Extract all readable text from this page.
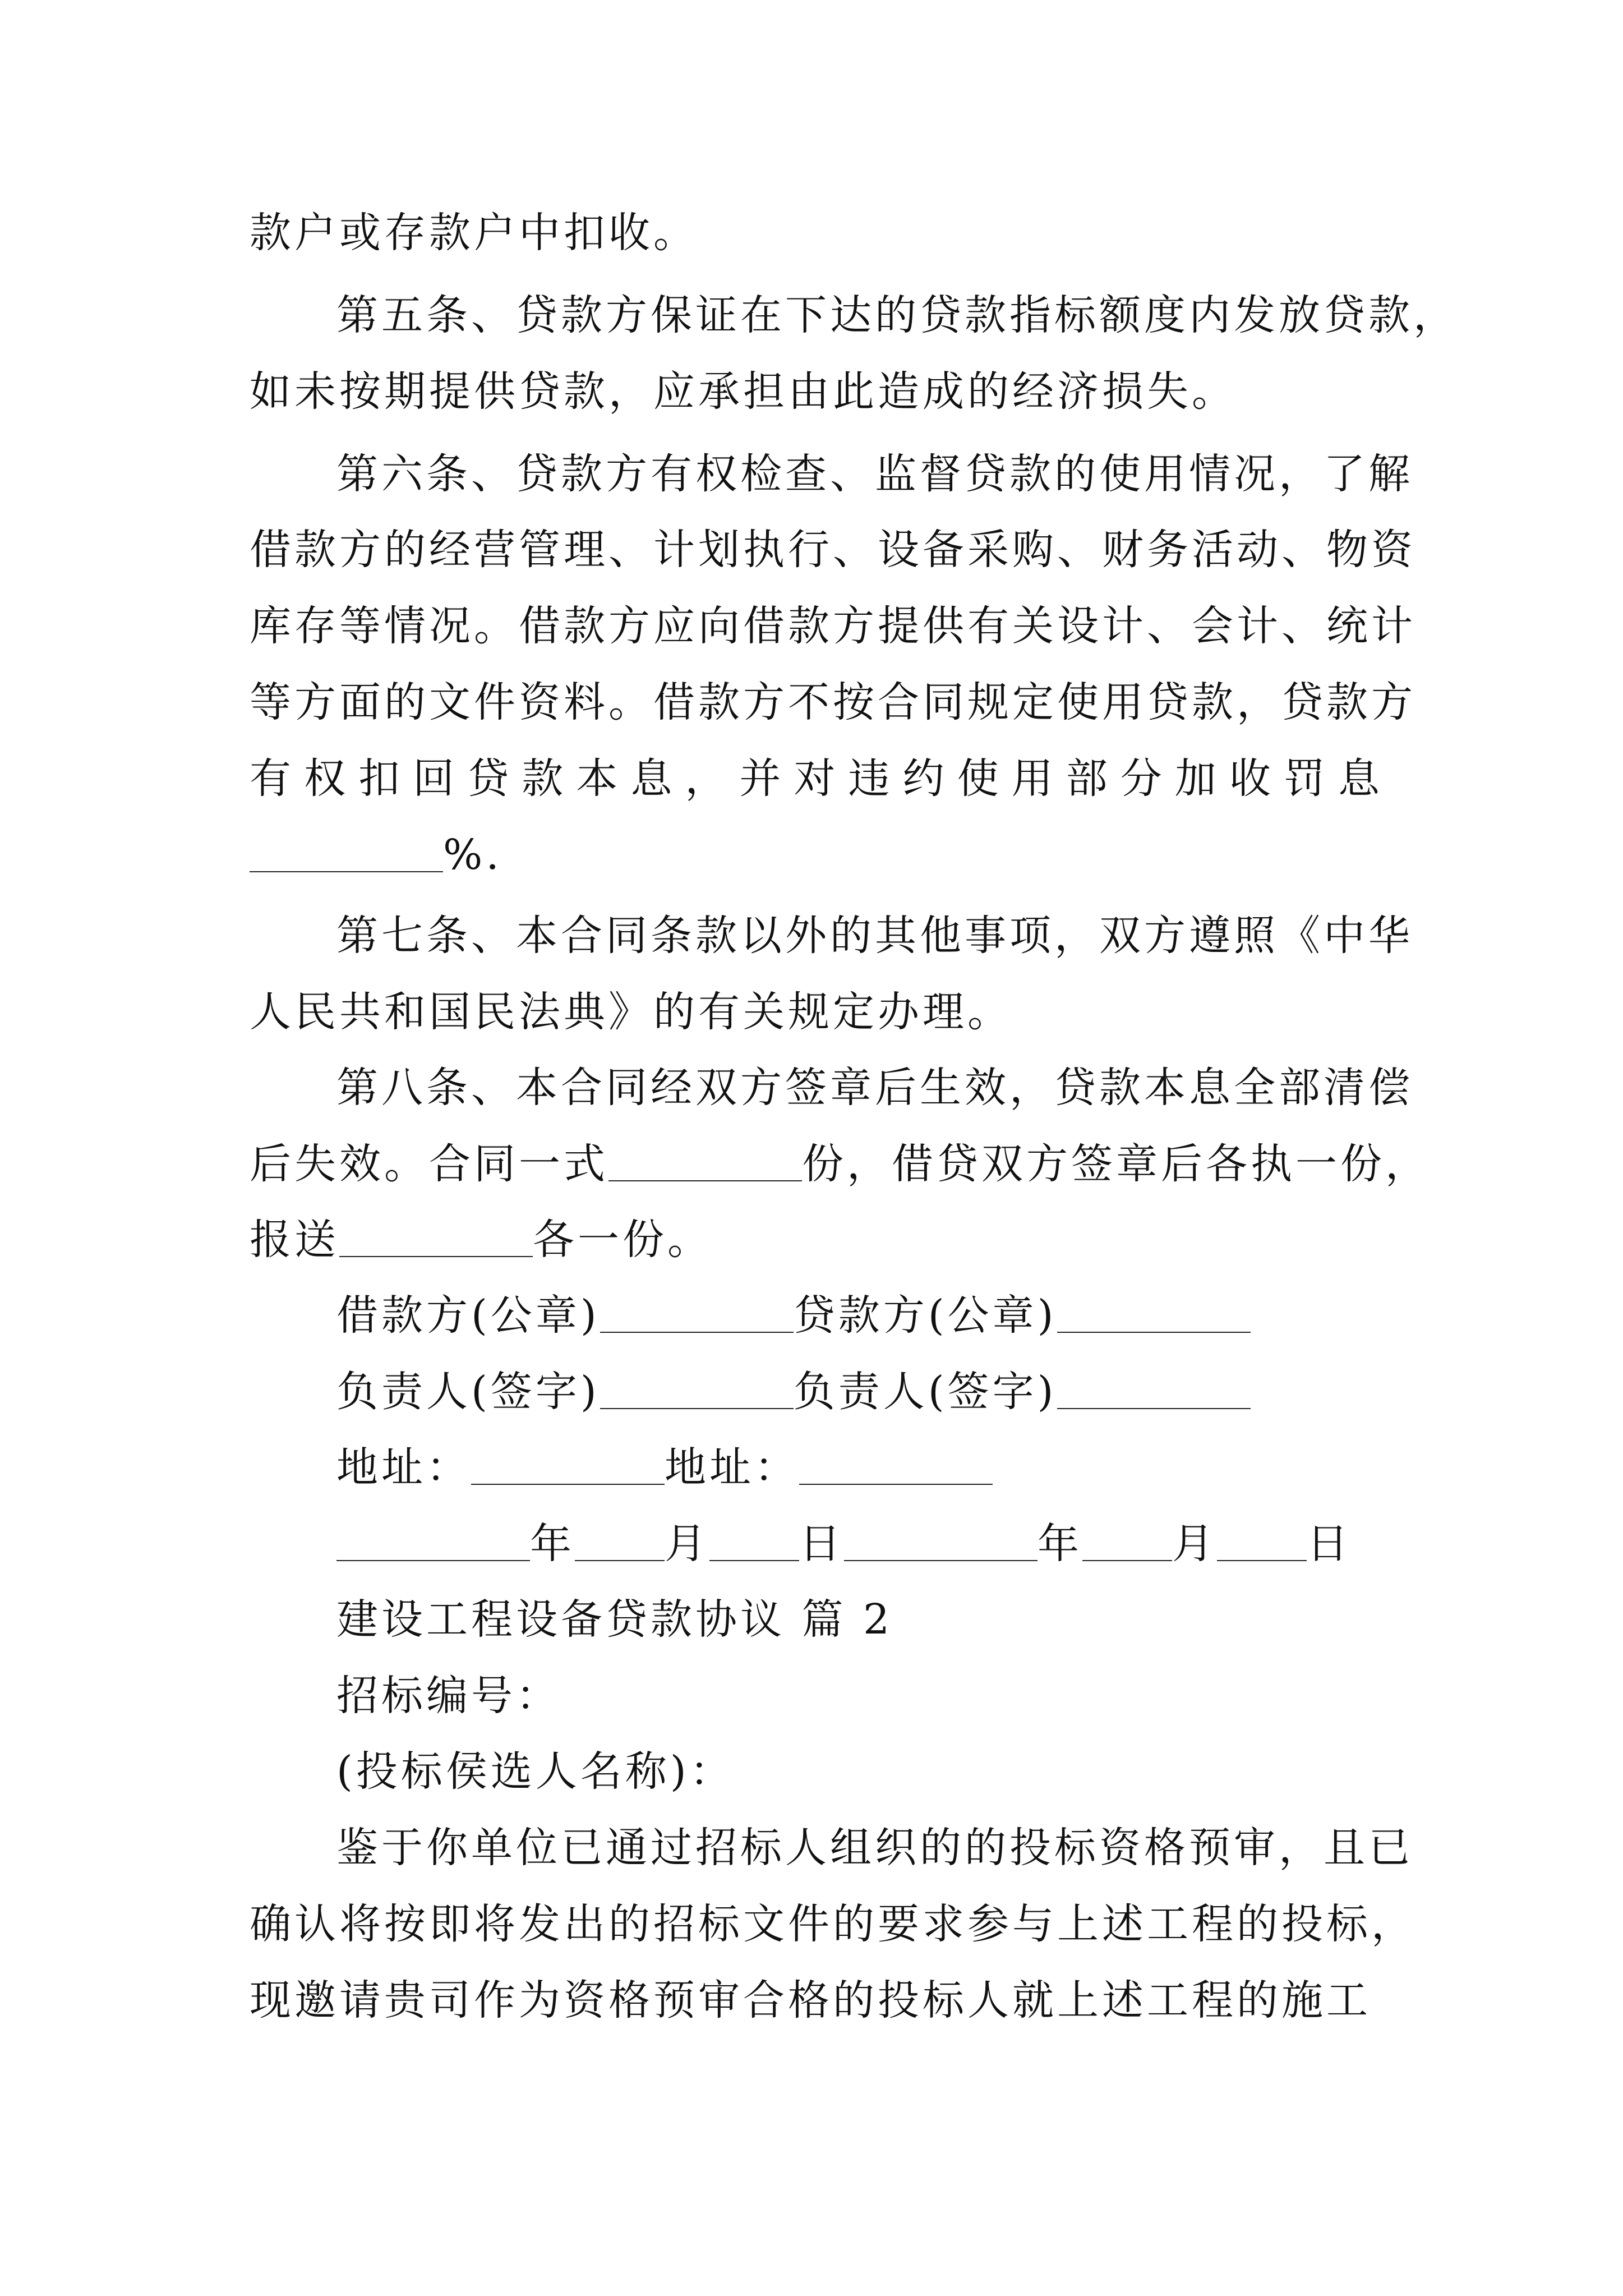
款户或存款户中扣收。
第五条、贷款方保证在下达的贷款指标额度内发放贷款，
如未按期提供贷款，应承担由此造成的经济损失。
第六条、贷款方有权检查、监督贷款的使用情况，了解
借款方的经营管理、计划执行、设备采购、财务活动、物资
库存等情况。借款方应向借款方提供有关设计、会计、统计
等方面的文件资料。借款方不按合同规定使用贷款，贷款方
有 权 扣 回 贷 款 本 息 ， 并 对 违 约 使 用 部 分 加 收 罚 息
%.
第七条、本合同条款以外的其他事项，双方遵照《中华
人民共和国民法典》的有关规定办理。
第八条、本合同经双方签章后生效，贷款本息全部清偿
后失效。合同一式	份，借贷双方签章后各执一份，
报送	各一份。
借款方(公章)	贷款方(公章)
负责人(签字)	负责人(签字)
地址：	地址：
年 月 日	年 月 日
建设工程设备贷款协议 篇 2
招标编号：
(投标侯选人名称)：
鉴于你单位已通过招标人组织的的投标资格预审，且已
确认将按即将发出的招标文件的要求参与上述工程的投标，
现邀请贵司作为资格预审合格的投标人就上述工程的施工
